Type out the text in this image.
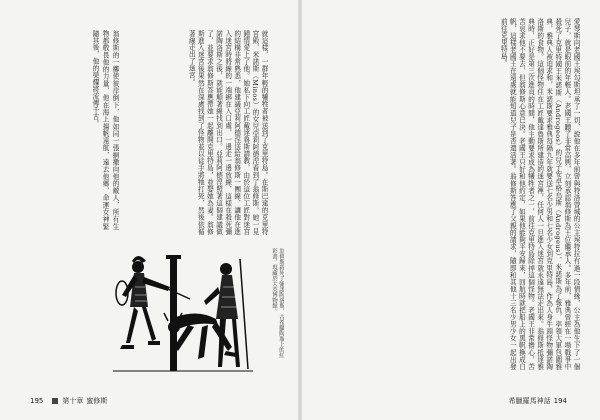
就這樣，一群年輕的犧牲者被送到了克里特島。在斯巴達的克里特宮殿，米諾斯（Minos）的女兒亞莉阿德涅看到了翁修斯，她一見鍾情愛上了他。她私下向工匠戴達魯斯請教，由於這位工匠對迷宮的結構非常熟悉，他建議亞莉阿德涅送給翁修斯一團線，讓他在進入迷宮時將線的一端綁在入口處，一邊走一邊放線，這樣在殺死彌諾陶洛斯之後，就能順著線找到出口。亞莉阿德涅照著這個建議做了，並要求翁修斯答應帶她一起離開克里特島，並娶她為妻。翁修斯進入迷宮後果然在深處找到了怪物並以徒手將牠打死，然後依循著線走出了迷宮。
翁修斯的一擲使彼岸倒下，他如同一張網撒向他的敵人，所有生物都敬畏他的力量，他在海上揚帆遠航，遠去他鄉，命運女神緊隨其後，他的榮耀將流傳千古。
翁修斯殺死了彌諾陶洛斯，古希臘陶瓶上的紅彩畫，現藏於大英博物館。
195	第十章 蜜修斯
愛琴斯向老國王埃勾斯坦承了一切，說他在多年前曾與特洛曾城的公主埃特拉有過一段情緣，公主為他生下了一個兒子，就是眼前的年輕人。老國王聽了非常高興，立刻承認翁修斯為王位繼承人。多年前，雅典曾經在一場戰爭中殺死了克里特國王米諾斯（Androgeos）的兒子安卓格烏斯（Androgeus），米諾斯為了報仇，率領大軍包圍雅典，雅典人被迫求和，米諾斯要求雅典每隔九年就要送七名少男和七名少女到克里特島，作為人身牛頭怪物彌諾陶洛斯的食物。這個怪物住在工匠戴達魯斯所建造的迷宮裡，任何人一旦進入迷宮就永遠無法走出來。翁修斯抵達雅典時，正好是第三次進貢的時間，他主動要求成為犧牲者之一，前往克里特島除掉這個怪物。老國王非常擔心，苦苦哀求他不要去，但翁修斯心意已決。老國王只好和他約定，如果他能夠平安歸來，回航時就把船上的黑帆換成白帆，這樣老國王在遠處就能知道兒子是否還活著。翁修斯答應了父親的請求，隨即和其他十三名少男少女一起出發前往克里特島。
希臘羅馬神話 194
